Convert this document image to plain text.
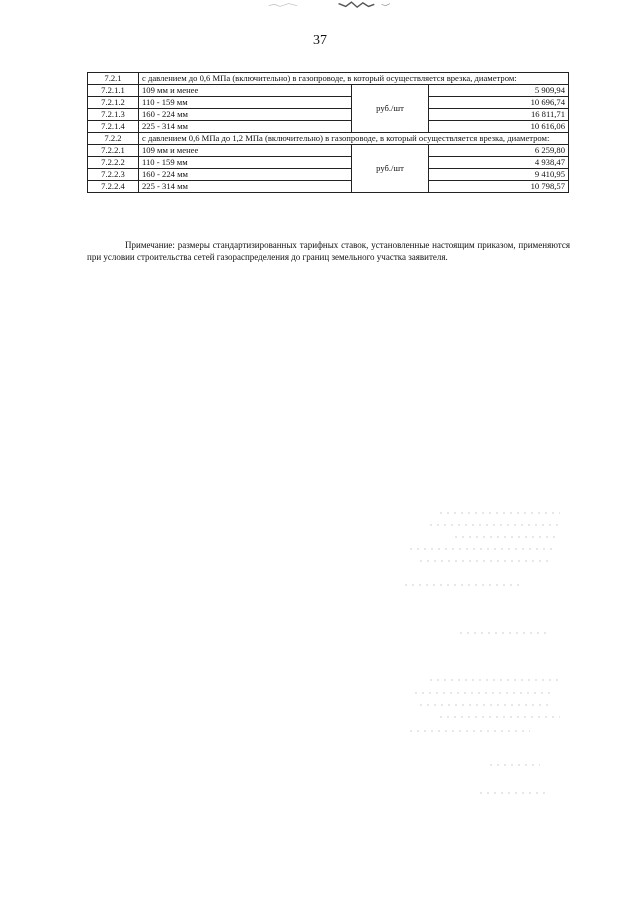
37
7.2.1	с давлением до 0,6 МПа (включительно) в газопроводе, в который осуществляется врезка, диаметром:		
7.2.1.1	109 мм и менее	руб./шт	5 909,94
7.2.1.2	110 - 159 мм		10 696,74
7.2.1.3	160 - 224 мм		16 811,71
7.2.1.4	225 - 314 мм		10 616,06
7.2.2	с давлением 0,6 МПа до 1,2 МПа (включительно) в газопроводе, в который осуществляется врезка, диаметром:		
7.2.2.1	109 мм и менее	руб./шт	6 259,80
7.2.2.2	110 - 159 мм		4 938,47
7.2.2.3	160 - 224 мм		9 410,95
7.2.2.4	225 - 314 мм		10 798,57
Примечание: размеры стандартизированных тарифных ставок, установленные настоящим приказом, применяются при условии строительства сетей газораспределения до границ земельного участка заявителя.
